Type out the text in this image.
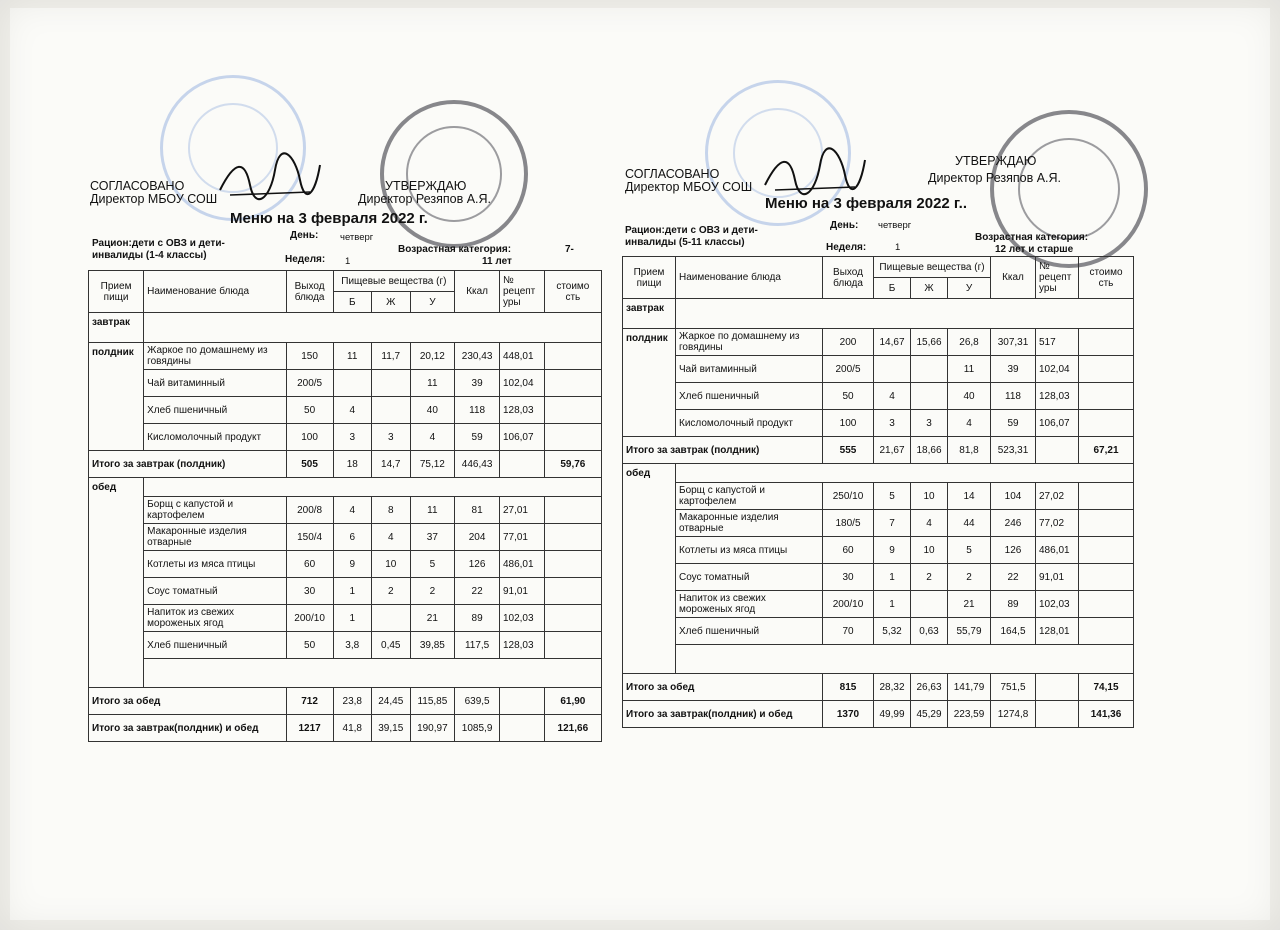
СОГЛАСОВАНО
Директор МБОУ СОШ
УТВЕРЖДАЮ
Директор Резяпов А.Я.
Меню на 3 февраля 2022 г.
Рацион:дети с ОВЗ и дети-
инвалиды (1-4 классы)
День: четверг
Неделя: 1
Возрастная категория:	7-
11 лет
Прием пищи	Наименование блюда	Выход блюда	Пищевые вещества (г)			Ккал	№ рецепт уры	стоимо сть
			Б	Ж	У			
завтрак								
полдник	Жаркое по домашнему из говядины	150	11	11,7	20,12	230,43	448,01	
	Чай витаминный	200/5			11	39	102,04	
	Хлеб пшеничный	50	4		40	118	128,03	
	Кисломолочный продукт	100	3	3	4	59	106,07	
Итого за завтрак (полдник)		505	18	14,7	75,12	446,43		59,76
обед								
	Борщ с капустой и картофелем	200/8	4	8	11	81	27,01	
	Макаронные изделия отварные	150/4	6	4	37	204	77,01	
	Котлеты из мяса птицы	60	9	10	5	126	486,01	
	Соус томатный	30	1	2	2	22	91,01	
	Напиток из свежих мороженых ягод	200/10	1		21	89	102,03	
	Хлеб пшеничный	50	3,8	0,45	39,85	117,5	128,03	

Итого за обед		712	23,8	24,45	115,85	639,5		61,90
Итого за завтрак(полдник) и обед		1217	41,8	39,15	190,97	1085,9		121,66
СОГЛАСОВАНО
Директор МБОУ СОШ
УТВЕРЖДАЮ
Директор Резяпов А.Я.
Меню на 3 февраля 2022 г..
Рацион:дети с ОВЗ и дети-
инвалиды (5-11 классы)
День: четверг
Неделя:	1
Возрастная категория:
12 лет и старше
Прием пищи	Наименование блюда	Выход блюда	Пищевые вещества (г)			Ккал	№ рецепт уры	стоимо сть
			Б	Ж	У			
завтрак								
полдник	Жаркое по домашнему из говядины	200	14,67	15,66	26,8	307,31	517	
	Чай витаминный	200/5			11	39	102,04	
	Хлеб пшеничный	50	4		40	118	128,03	
	Кисломолочный продукт	100	3	3	4	59	106,07	
Итого за завтрак (полдник)		555	21,67	18,66	81,8	523,31		67,21
обед								
	Борщ с капустой и картофелем	250/10	5	10	14	104	27,02	
	Макаронные изделия отварные	180/5	7	4	44	246	77,02	
	Котлеты из мяса птицы	60	9	10	5	126	486,01	
	Соус томатный	30	1	2	2	22	91,01	
	Напиток из свежих мороженых ягод	200/10	1		21	89	102,03	
	Хлеб пшеничный	70	5,32	0,63	55,79	164,5	128,01	

Итого за обед		815	28,32	26,63	141,79	751,5		74,15
Итого за завтрак(полдник) и обед		1370	49,99	45,29	223,59	1274,8		141,36
